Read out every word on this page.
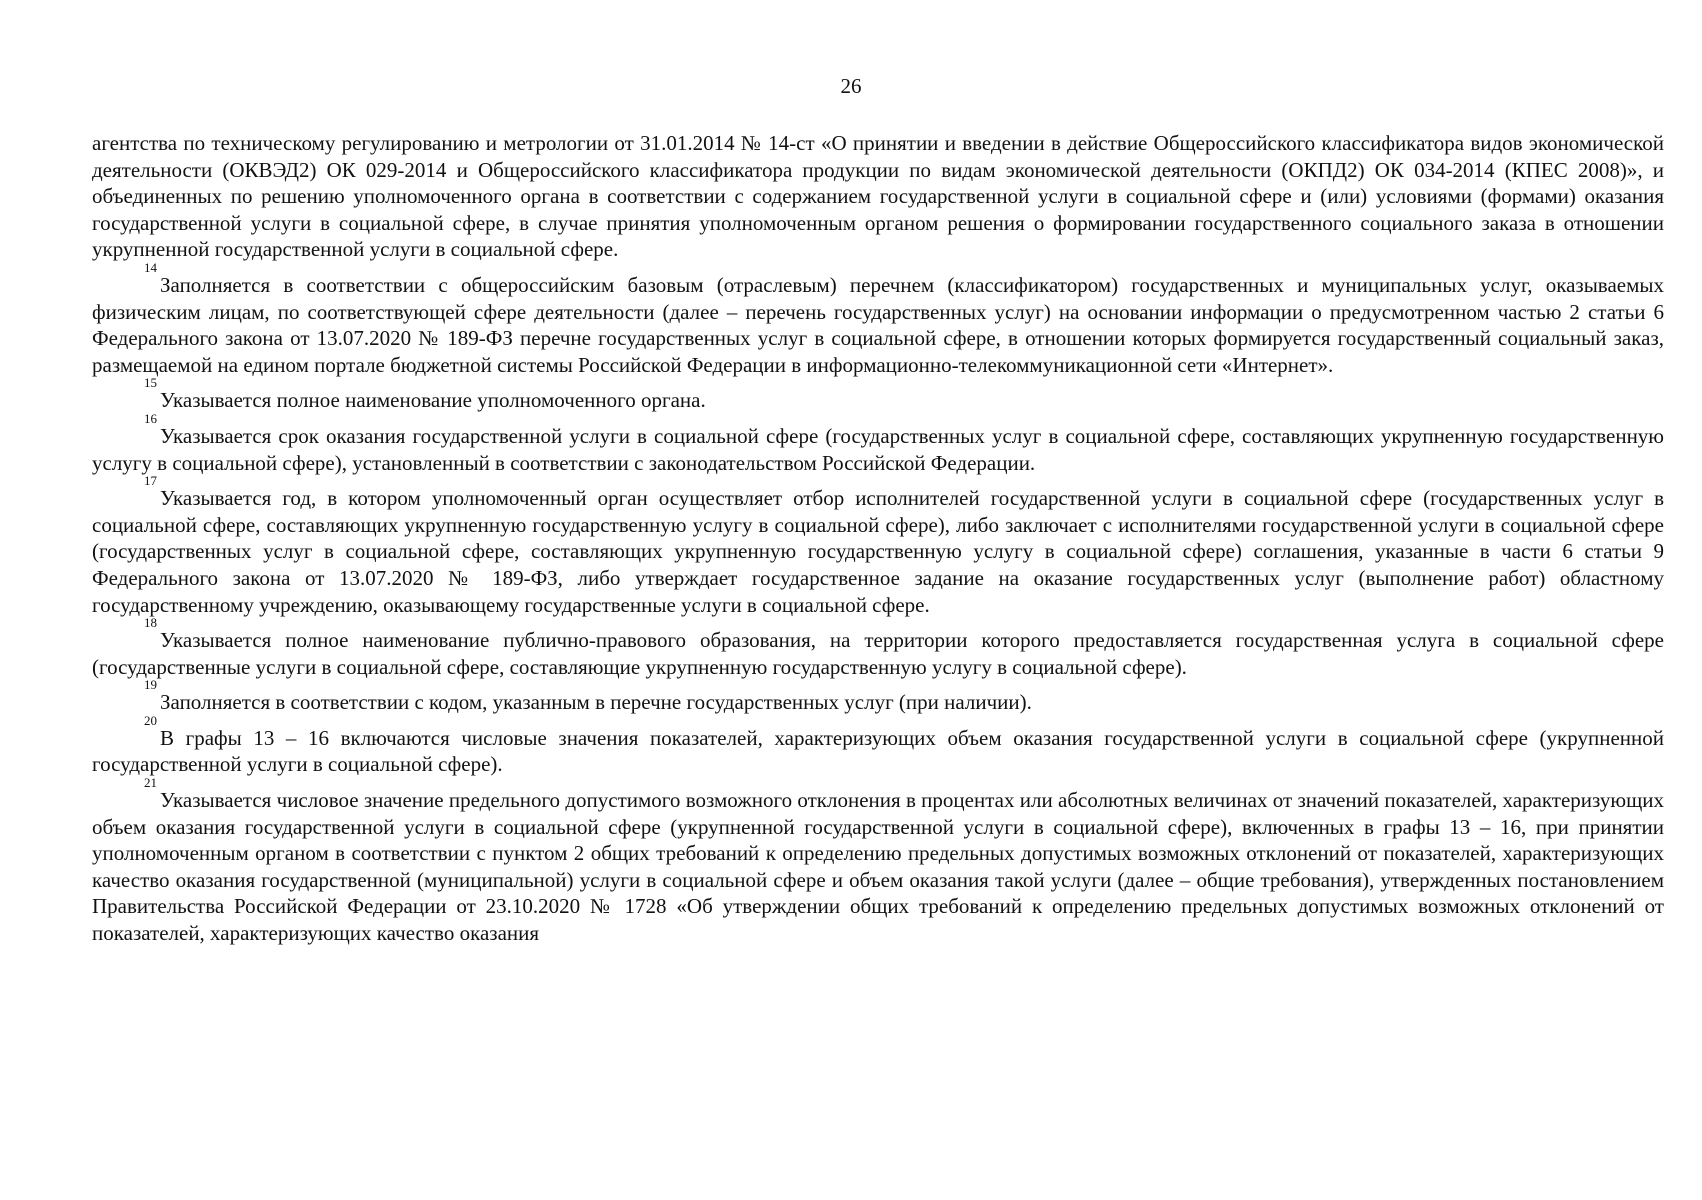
26

агентства по техническому регулированию и метрологии от 31.01.2014 № 14-ст «О принятии и введении в действие Общероссийского классификатора видов экономической деятельности (ОКВЭД2) ОК 029-2014 и Общероссийского классификатора продукции по видам экономической деятельности (ОКПД2) ОК 034-2014 (КПЕС 2008)», и объединенных по решению уполномоченного органа в соответствии с содержанием государственной услуги в социальной сфере и (или) условиями (формами) оказания государственной услуги в социальной сфере, в случае принятия уполномоченным органом решения о формировании государственного социального заказа в отношении укрупненной государственной услуги в социальной сфере.

$^{14}$Заполняется в соответствии с общероссийским базовым (отраслевым) перечнем (классификатором) государственных и муниципальных услуг, оказываемых физическим лицам, по соответствующей сфере деятельности (далее – перечень государственных услуг) на основании информации о предусмотренном частью 2 статьи 6 Федерального закона от 13.07.2020 № 189-ФЗ перечне государственных услуг в социальной сфере, в отношении которых формируется государственный социальный заказ, размещаемой на едином портале бюджетной системы Российской Федерации в информационно-телекоммуникационной сети «Интернет».

$^{15}$Указывается полное наименование уполномоченного органа.

$^{16}$Указывается срок оказания государственной услуги в социальной сфере (государственных услуг в социальной сфере, составляющих укрупненную государственную услугу в социальной сфере), установленный в соответствии с законодательством Российской Федерации.

$^{17}$Указывается год, в котором уполномоченный орган осуществляет отбор исполнителей государственной услуги в социальной сфере (государственных услуг в социальной сфере, составляющих укрупненную государственную услугу в социальной сфере), либо заключает с исполнителями государственной услуги в социальной сфере (государственных услуг в социальной сфере, составляющих укрупненную государственную услугу в социальной сфере) соглашения, указанные в части 6 статьи 9 Федерального закона от 13.07.2020 № 189-ФЗ, либо утверждает государственное задание на оказание государственных услуг (выполнение работ) областному государственному учреждению, оказывающему государственные услуги в социальной сфере.

$^{18}$Указывается полное наименование публично-правового образования, на территории которого предоставляется государственная услуга в социальной сфере (государственные услуги в социальной сфере, составляющие укрупненную государственную услугу в социальной сфере).

$^{19}$Заполняется в соответствии с кодом, указанным в перечне государственных услуг (при наличии).

$^{20}$В графы 13 – 16 включаются числовые значения показателей, характеризующих объем оказания государственной услуги в социальной сфере (укрупненной государственной услуги в социальной сфере).

$^{21}$Указывается числовое значение предельного допустимого возможного отклонения в процентах или абсолютных величинах от значений показателей, характеризующих объем оказания государственной услуги в социальной сфере (укрупненной государственной услуги в социальной сфере), включенных в графы 13 – 16, при принятии уполномоченным органом в соответствии с пунктом 2 общих требований к определению предельных допустимых возможных отклонений от показателей, характеризующих качество оказания государственной (муниципальной) услуги в социальной сфере и объем оказания такой услуги (далее – общие требования), утвержденных постановлением Правительства Российской Федерации от 23.10.2020 № 1728 «Об утверждении общих требований к определению предельных допустимых возможных отклонений от показателей, характеризующих качество оказания
